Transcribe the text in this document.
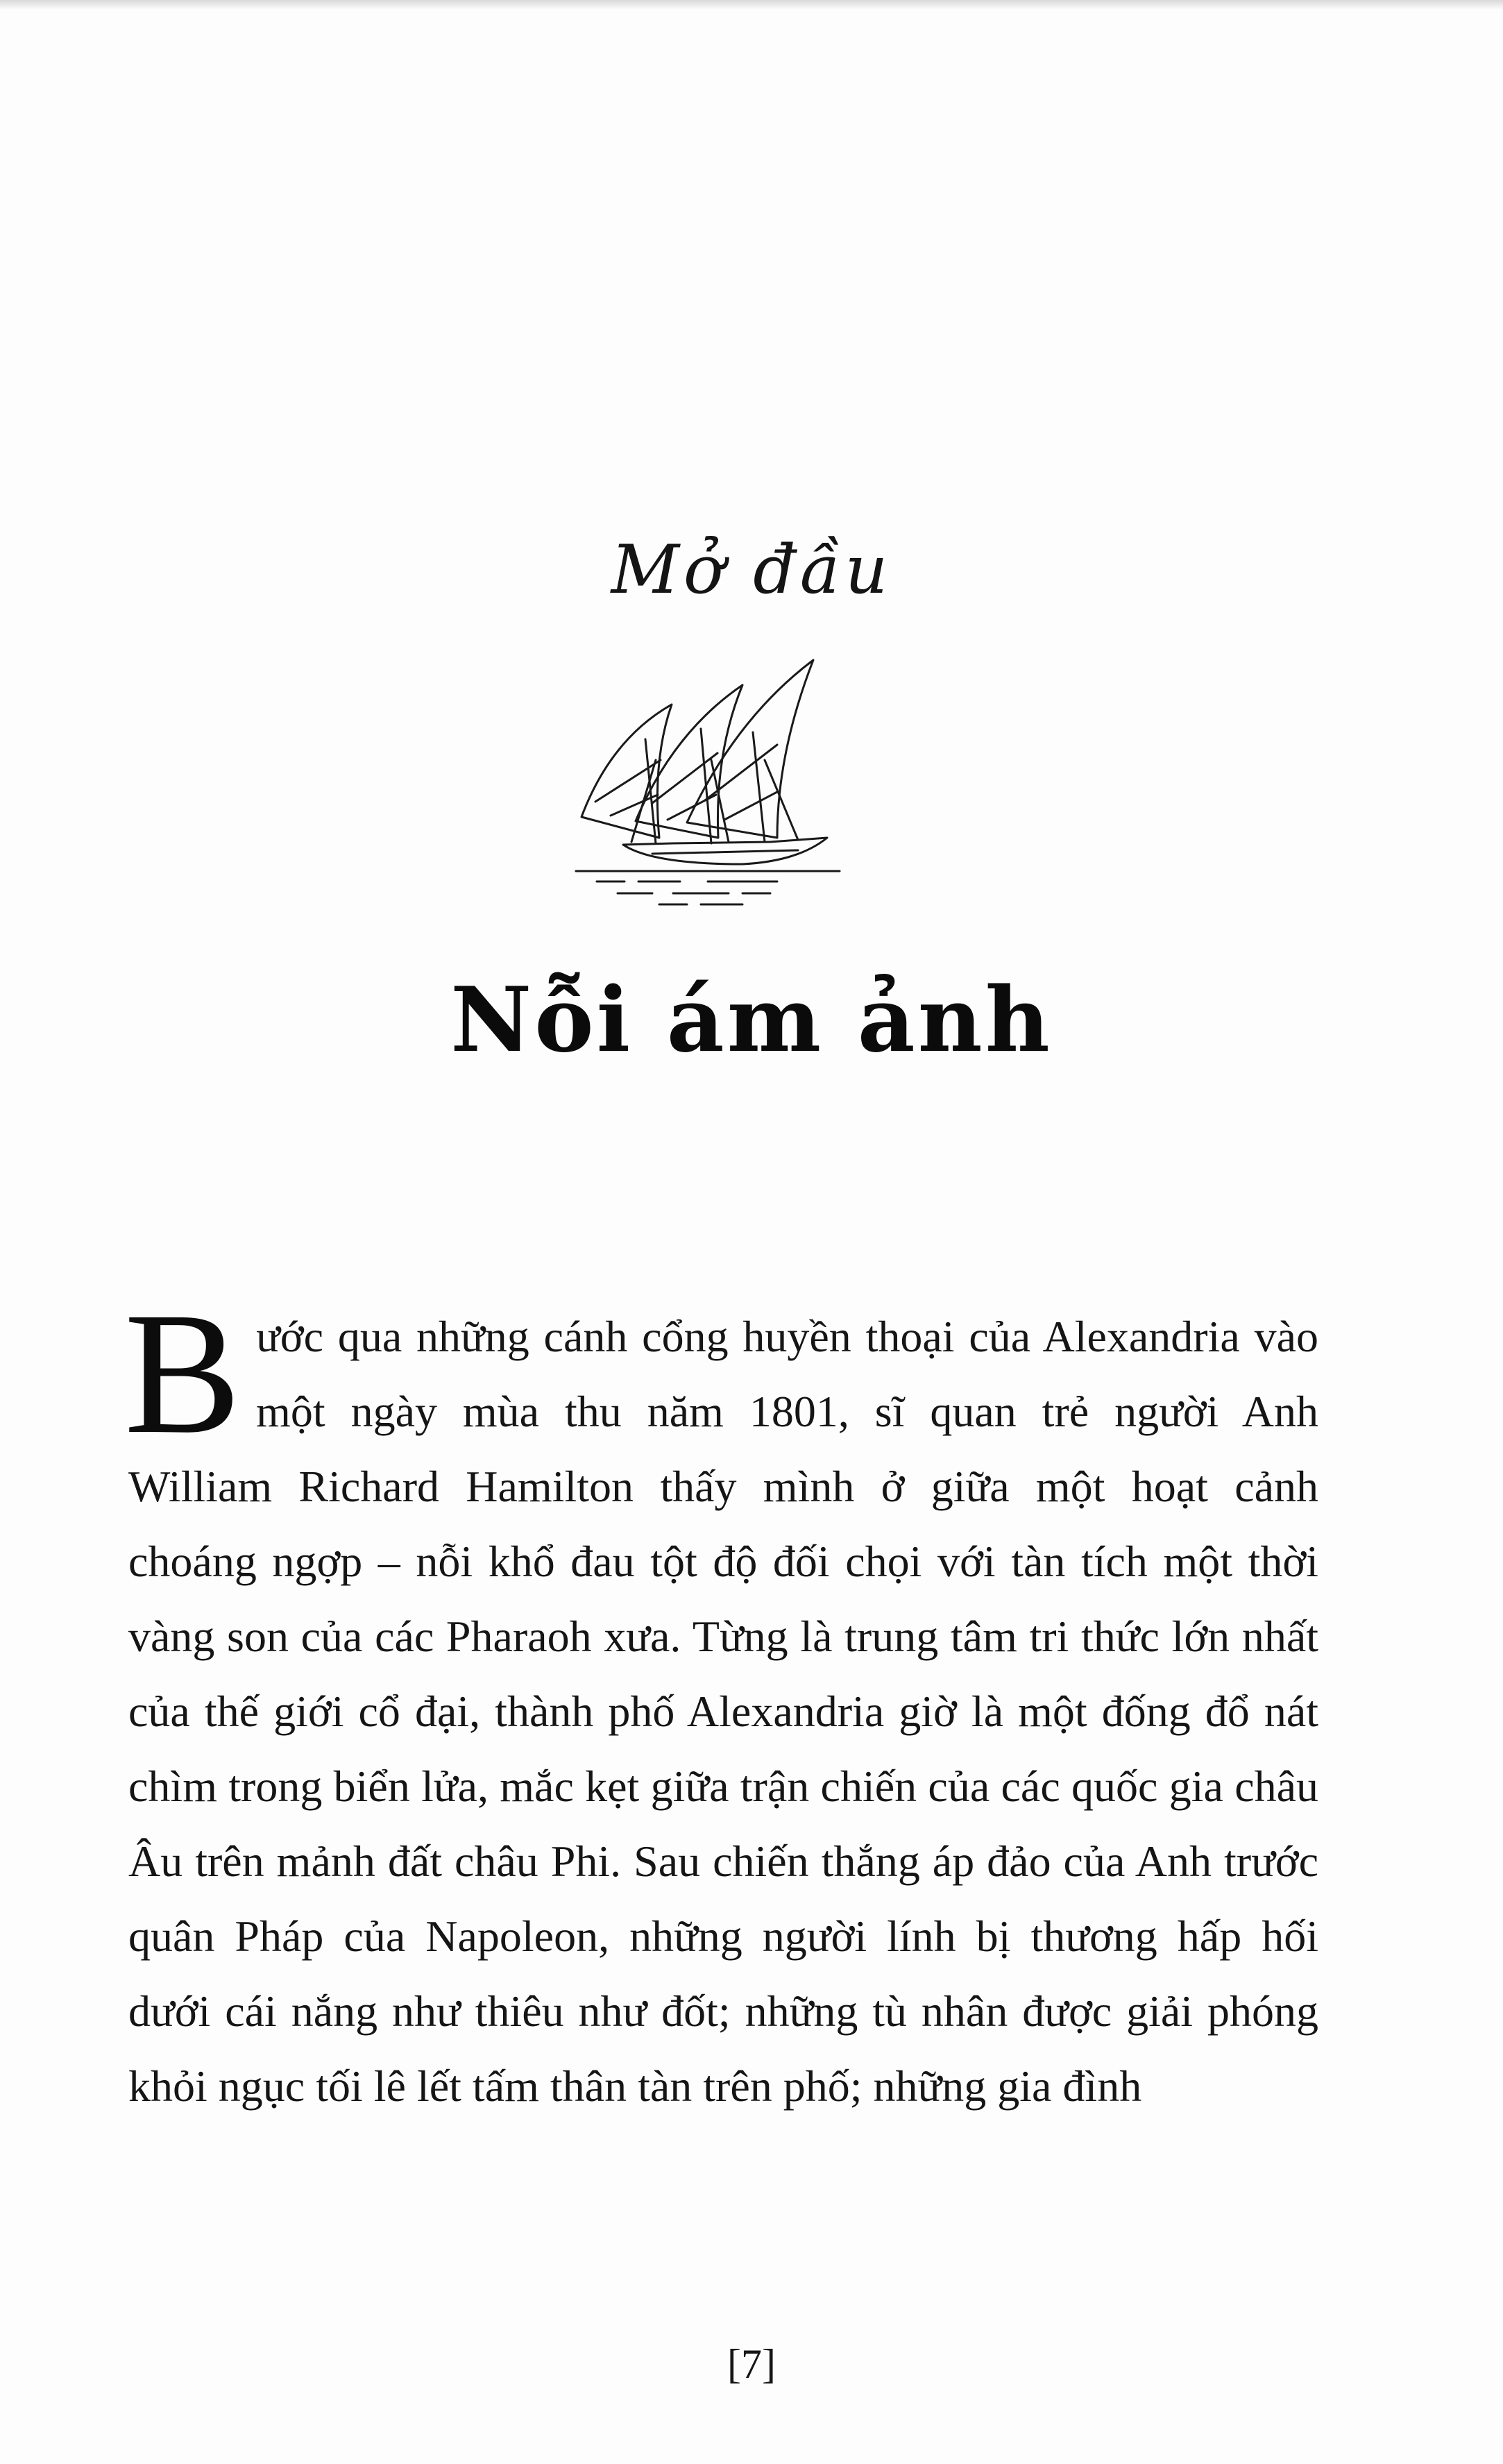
Mở đầu
Nỗi ám ảnh
Bước qua những cánh cổng huyền thoại của Alexandria vào một ngày mùa thu năm 1801, sĩ quan trẻ người Anh William Richard Hamilton thấy mình ở giữa một hoạt cảnh choáng ngợp – nỗi khổ đau tột độ đối chọi với tàn tích một thời vàng son của các Pharaoh xưa. Từng là trung tâm tri thức lớn nhất của thế giới cổ đại, thành phố Alexandria giờ là một đống đổ nát chìm trong biển lửa, mắc kẹt giữa trận chiến của các quốc gia châu Âu trên mảnh đất châu Phi. Sau chiến thắng áp đảo của Anh trước quân Pháp của Napoleon, những người lính bị thương hấp hối dưới cái nắng như thiêu như đốt; những tù nhân được giải phóng khỏi ngục tối lê lết tấm thân tàn trên phố; những gia đình
[7]
